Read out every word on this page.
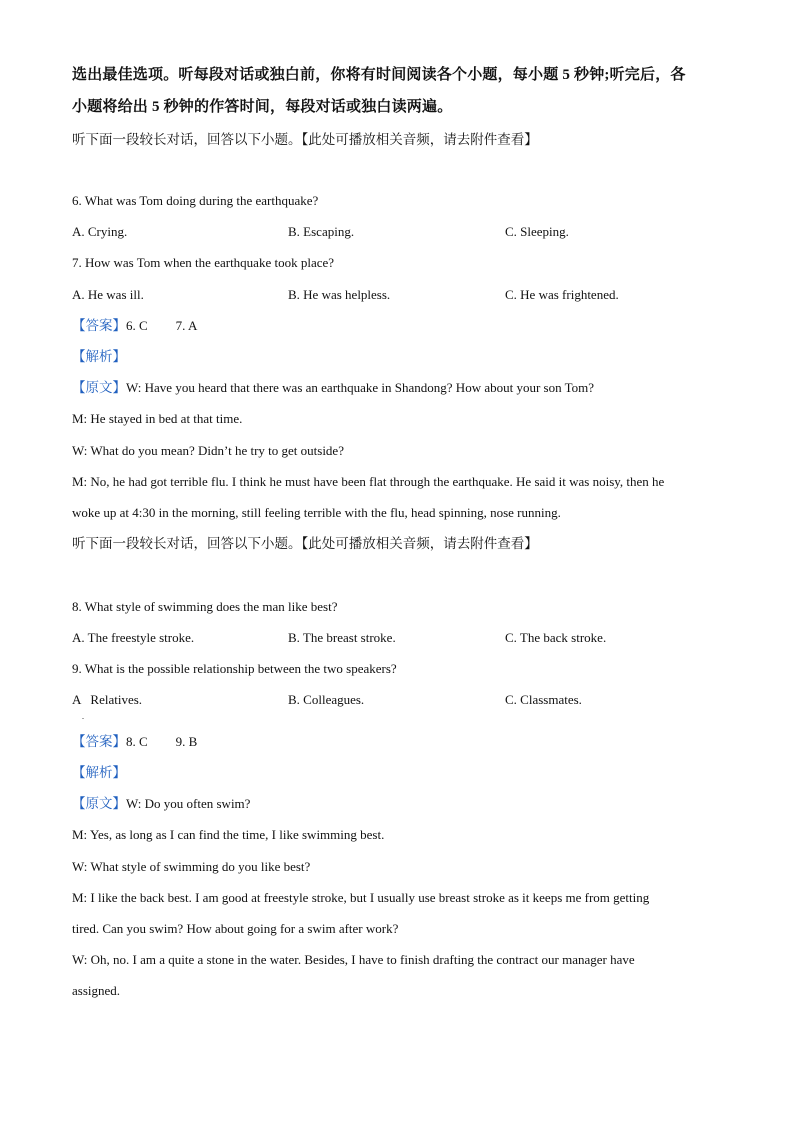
选出最佳选项。听每段对话或独白前，你将有时间阅读各个小题，每小题 5 秒钟;听完后，各
小题将给出 5 秒钟的作答时间，每段对话或独白读两遍。
听下面一段较长对话，回答以下小题。【此处可播放相关音频，请去附件查看】
6. What was Tom doing during the earthquake?
A. Crying.	B. Escaping.	C. Sleeping.
7. How was Tom when the earthquake took place?
A. He was ill.	B. He was helpless.	C. He was frightened.
【答案】6. C 7. A
【解析】
【原文】W: Have you heard that there was an earthquake in Shandong? How about your son Tom?
M: He stayed in bed at that time.
W: What do you mean? Didn’t he try to get outside?
M: No, he had got terrible flu. I think he must have been flat through the earthquake. He said it was noisy, then he
woke up at 4:30 in the morning, still feeling terrible with the flu, head spinning, nose running.
听下面一段较长对话，回答以下小题。【此处可播放相关音频，请去附件查看】
8. What style of swimming does the man like best?
A. The freestyle stroke.	B. The breast stroke.	C. The back stroke.
9. What is the possible relationship between the two speakers?
A   Relatives.
.
B. Colleagues.	C. Classmates.
【答案】8. C 9. B
【解析】
【原文】W: Do you often swim?
M: Yes, as long as I can find the time, I like swimming best.
W: What style of swimming do you like best?
M: I like the back best. I am good at freestyle stroke, but I usually use breast stroke as it keeps me from getting
tired. Can you swim? How about going for a swim after work?
W: Oh, no. I am a quite a stone in the water. Besides, I have to finish drafting the contract our manager have
assigned.
